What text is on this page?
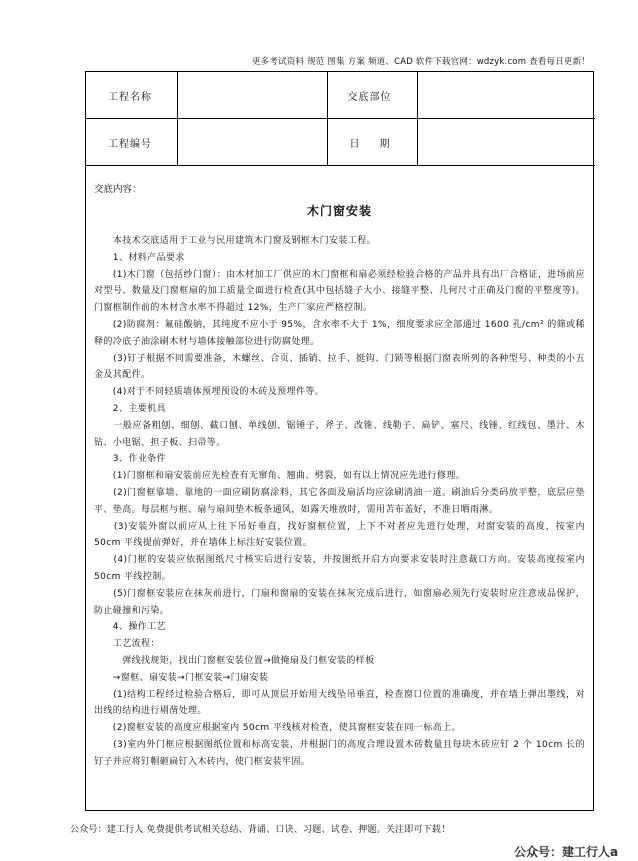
更多考试资料 规范 图集 方案 频道、CAD 软件下载官网：wdzyk.com 查看每日更新！
工程名称		交底部位	
工程编号		日　　期	
交底内容：
木门窗安装

　　本技术交底适用于工业与民用建筑木门窗及钢框木门安装工程。

　　1、材料产品要求

　　(1)木门窗（包括纱门窗）：由木材加工厂供应的木门窗框和扇必须经检验合格的产品并具有出厂合格证，进场前应对型号、数量及门窗框扇的加工质量全面进行检查(其中包括缝子大小、接缝平整、几何尺寸正确及门窗的平整度等)。门窗框制作前的木材含水率不得超过 12%，生产厂家应严格控制。

　　(2)防腐剂：氟硅酸钠，其纯度不应小于 95%，含水率不大于 1%，细度要求应全部通过 1600 孔/cm² 的筛或稀释的冷底子油涂刷木材与墙体接触部位进行防腐处理。

　　(3)钉子根据不同需要准备，木螺丝、合页、插销、拉手、挺钩、门锁等根据门窗表所列的各种型号、种类的小五金及其配件。

　　(4)对于不同轻质墙体预埋预设的木砖及预埋件等。

　　2、主要机具

　　一般应备粗刨、细刨、截口刨、单线刨、锯锤子、斧子、改锥、线勒子、扁铲、塞尺、线锤、红线包、墨汁、木钻、小电锯、担子板、扫帚等。

　　3、作业条件

　　(1)门窗框和扇安装前应先检查有无窜角、翘曲、劈裂，如有以上情况应先进行修理。

　　(2)门窗框靠墙、靠地的一面应刷防腐涂料，其它各面及扇活均应涂刷清油一道。刷油后分类码放平整，底层应垫平、垫高。每层框与框、扇与扇间垫木板条通风，如露天堆放时，需用苫布盖好，不准日晒雨淋。

　　(3)安装外窗以前应从上往下吊好垂直，找好窗框位置，上下不对者应先进行处理，对窗安装的高度，按室内 50cm 平线提前弹好，并在墙体上标注好安装位置。

　　(4)门框的安装应依据图纸尺寸核实后进行安装，并按图纸开启方向要求安装时注意裁口方向。安装高度按室内 50cm 平线控制。

　　(5)门窗框安装应在抹灰前进行，门扇和窗扇的安装在抹灰完成后进行，如窗扇必须先行安装时应注意成品保护，防止碰撞和污染。

　　4、操作工艺

　　工艺流程：

　　　弹线找规矩，找出门窗框安装位置→做掩扇及门框安装的样板

　　→窗框、扇安装→门框安装→门扇安装

　　(1)结构工程经过检验合格后，即可从顶层开始用大线坠吊垂直，检查窗口位置的准确度，并在墙上弹出墨线，对出线的结构进行剔凿处理。

　　(2)窗框安装的高度应根据室内 50cm 平线核对检查，使其窗框安装在同一标高上。

　　(3)室内外门框应根据图纸位置和标高安装，并根据门的高度合理设置木砖数量且每块木砖应钉 2 个 10cm 长的钉子并应将钉帽砸扁钉入木砖内，使门框安装牢固。

公众号：建工行人 免费提供考试相关总结、背诵、口诀、习题、试卷、押题。关注即可下载！
公众号：建工行人a
